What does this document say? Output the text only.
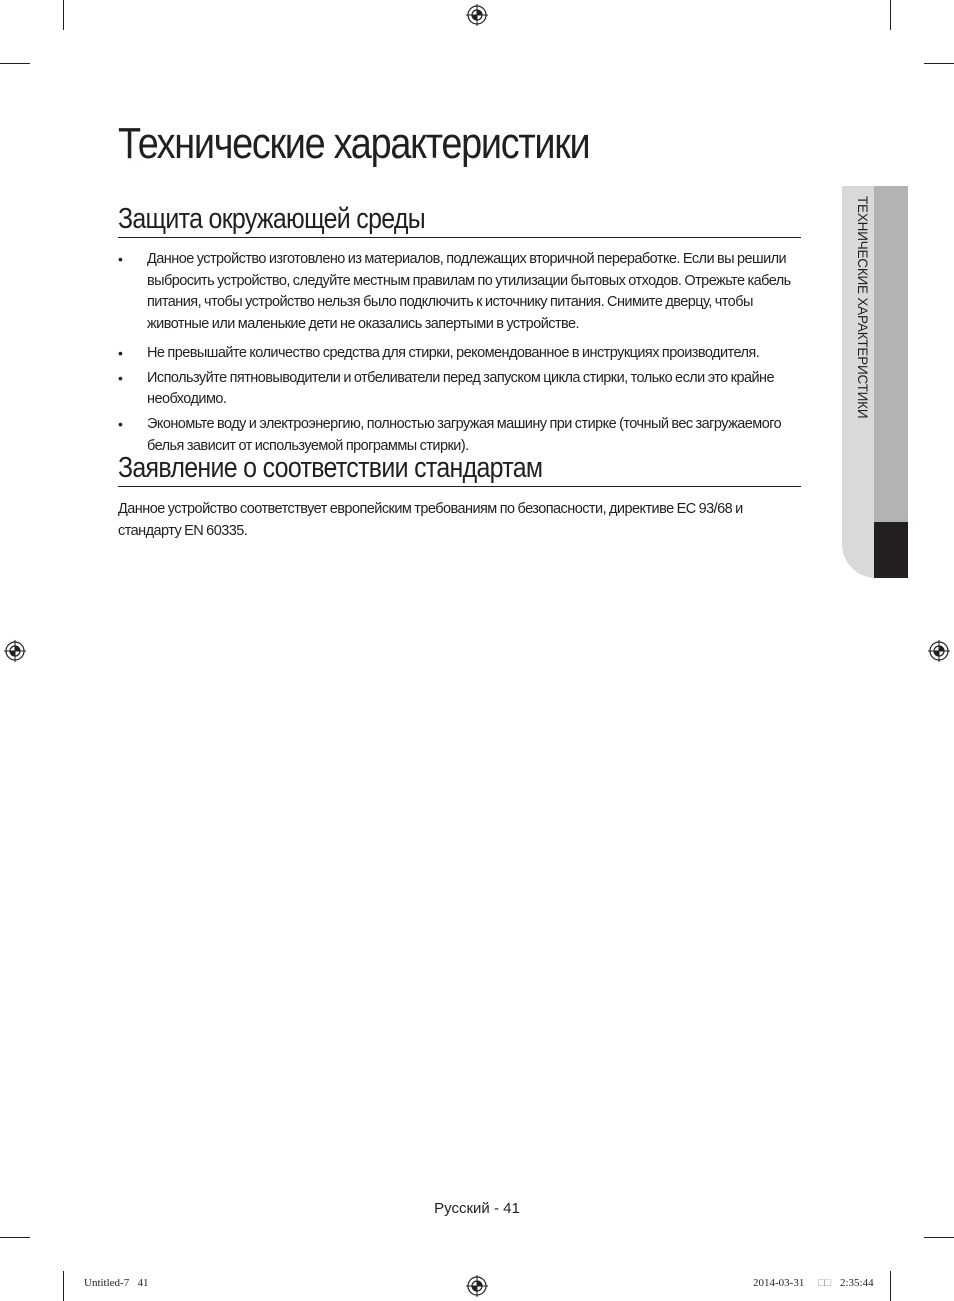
Технические характеристики
Защита окружающей среды
• Данное устройство изготовлено из материалов, подлежащих вторичной переработке. Если вы решили выбросить устройство, следуйте местным правилам по утилизации бытовых отходов. Отрежьте кабель питания, чтобы устройство нельзя было подключить к источнику питания. Снимите дверцу, чтобы животные или маленькие дети не оказались запертыми в устройстве.
• Не превышайте количество средства для стирки, рекомендованное в инструкциях производителя.
• Используйте пятновыводители и отбеливатели перед запуском цикла стирки, только если это крайне необходимо.
• Экономьте воду и электроэнергию, полностью загружая машину при стирке (точный вес загружаемого белья зависит от используемой программы стирки).
Заявление о соответствии стандартам

Данное устройство соответствует европейским требованиям по безопасности, директиве ЕС 93/68 и стандарту EN 60335.

ТЕХНИЧЕСКИЕ ХАРАКТЕРИСТИКИ
Русский - 41
Untitled-7   41	2014-03-31 □□ 2:35:44
